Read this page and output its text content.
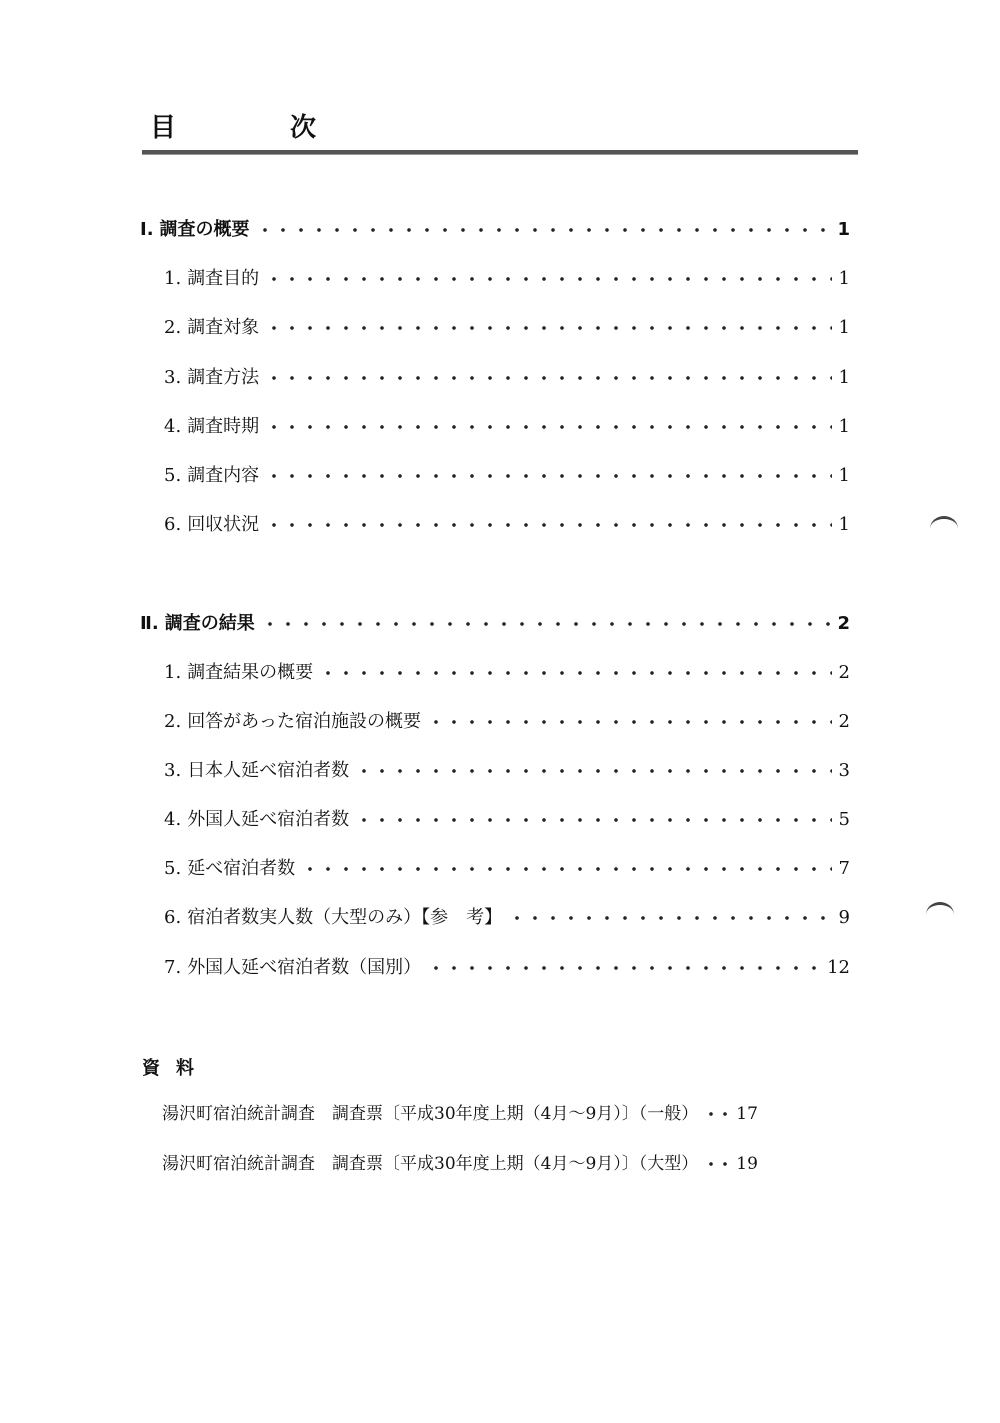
目　次
Ⅰ. 調査の概要	1
1. 調査目的	1
2. 調査対象	1
3. 調査方法	1
4. 調査時期	1
5. 調査内容	1
6. 回収状況	1
Ⅱ. 調査の結果	2
1. 調査結果の概要	2
2. 回答があった宿泊施設の概要	2
3. 日本人延べ宿泊者数	3
4. 外国人延べ宿泊者数	5
5. 延べ宿泊者数	7
6. 宿泊者数実人数（大型のみ）【参　考】	9
7. 外国人延べ宿泊者数（国別）	12
資料
湯沢町宿泊統計調査　調査票〔平成30年度上期（4月～9月）〕（一般） 17
湯沢町宿泊統計調査　調査票〔平成30年度上期（4月～9月）〕（大型） 19
